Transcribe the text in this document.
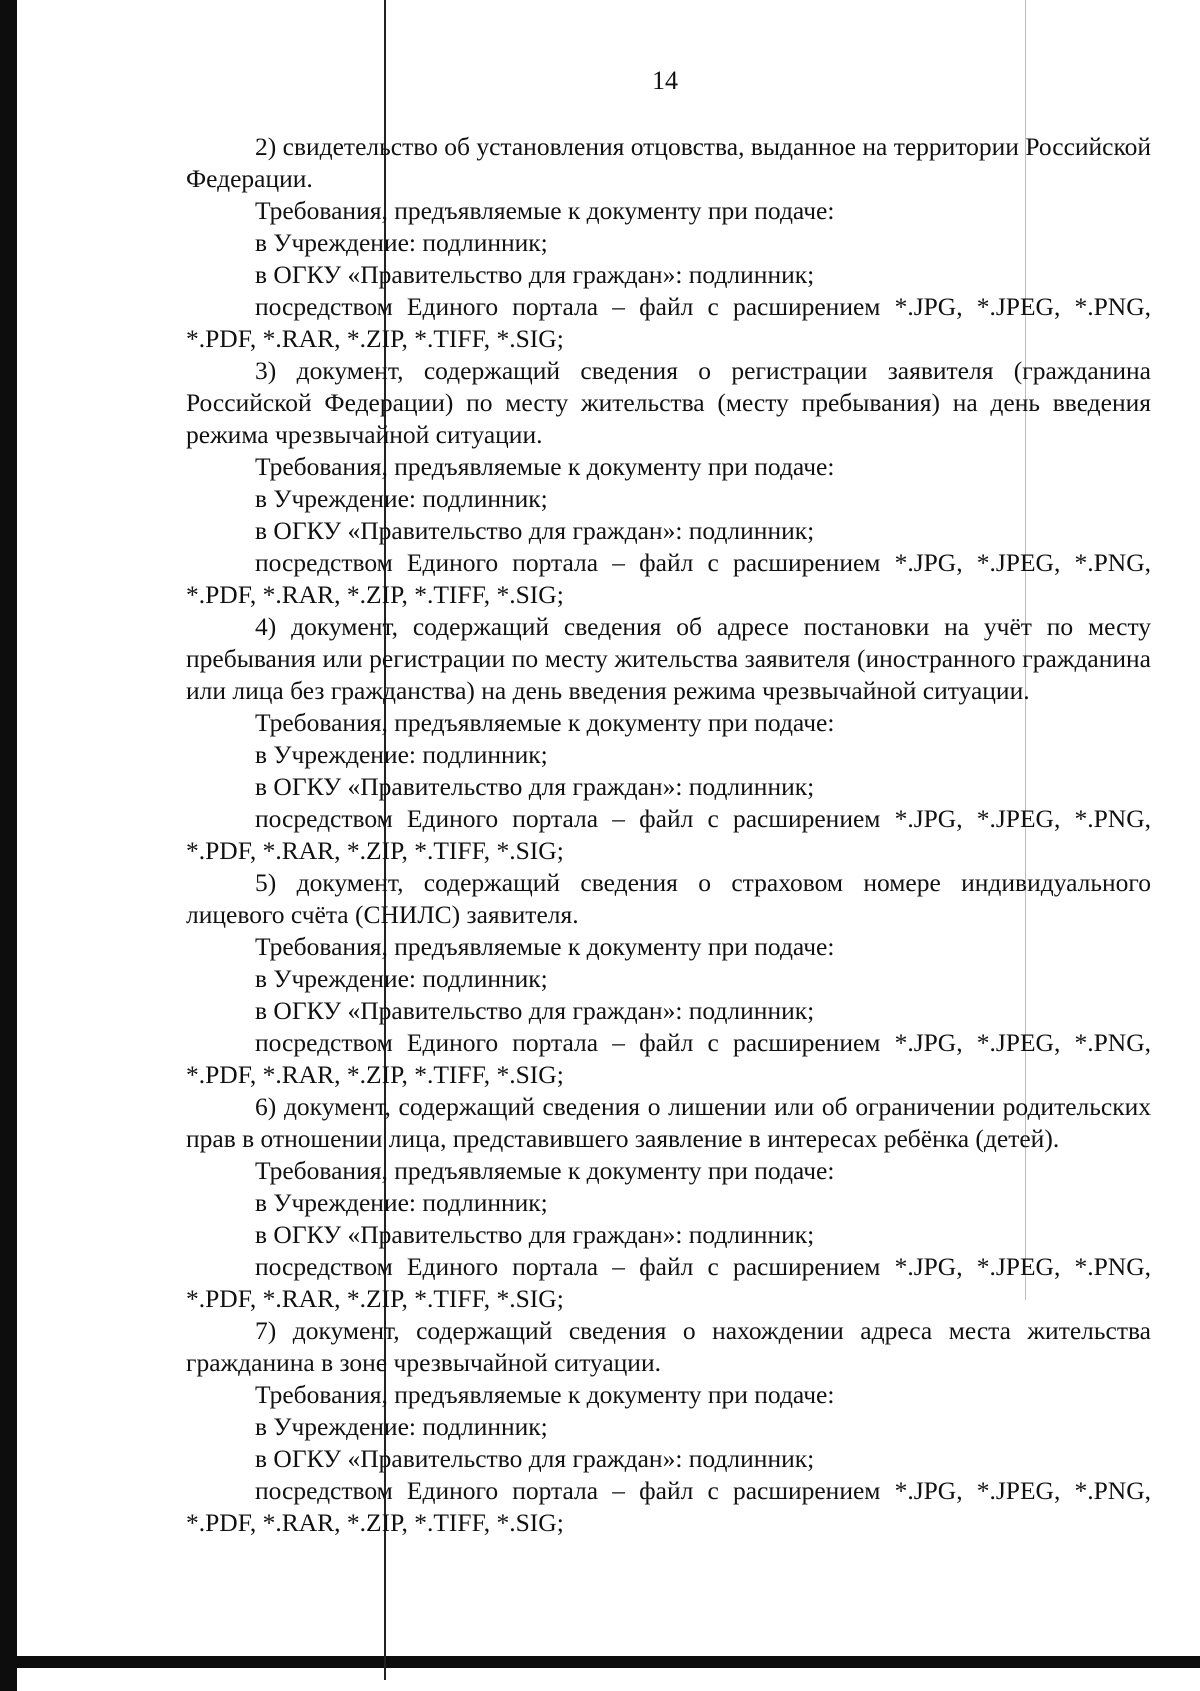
14

2) свидетельство об установления отцовства, выданное на территории Российской Федерации.

Требования, предъявляемые к документу при подаче:

в Учреждение: подлинник;

в ОГКУ «Правительство для граждан»: подлинник;

посредством Единого портала – файл с расширением *.JPG, *.JPEG, *.PNG, *.PDF, *.RAR, *.ZIP, *.TIFF, *.SIG;

3) документ, содержащий сведения о регистрации заявителя (гражданина Российской Федерации) по месту жительства (месту пребывания) на день введения режима чрезвычайной ситуации.

Требования, предъявляемые к документу при подаче:

в Учреждение: подлинник;

в ОГКУ «Правительство для граждан»: подлинник;

посредством Единого портала – файл с расширением *.JPG, *.JPEG, *.PNG, *.PDF, *.RAR, *.ZIP, *.TIFF, *.SIG;

4) документ, содержащий сведения об адресе постановки на учёт по месту пребывания или регистрации по месту жительства заявителя (иностранного гражданина или лица без гражданства) на день введения режима чрезвычайной ситуации.

Требования, предъявляемые к документу при подаче:

в Учреждение: подлинник;

в ОГКУ «Правительство для граждан»: подлинник;

посредством Единого портала – файл с расширением *.JPG, *.JPEG, *.PNG, *.PDF, *.RAR, *.ZIP, *.TIFF, *.SIG;

5) документ, содержащий сведения о страховом номере индивидуального лицевого счёта (СНИЛС) заявителя.

Требования, предъявляемые к документу при подаче:

в Учреждение: подлинник;

в ОГКУ «Правительство для граждан»: подлинник;

посредством Единого портала – файл с расширением *.JPG, *.JPEG, *.PNG, *.PDF, *.RAR, *.ZIP, *.TIFF, *.SIG;

6) документ, содержащий сведения о лишении или об ограничении родительских прав в отношении лица, представившего заявление в интересах ребёнка (детей).

Требования, предъявляемые к документу при подаче:

в Учреждение: подлинник;

в ОГКУ «Правительство для граждан»: подлинник;

посредством Единого портала – файл с расширением *.JPG, *.JPEG, *.PNG, *.PDF, *.RAR, *.ZIP, *.TIFF, *.SIG;

7) документ, содержащий сведения о нахождении адреса места жительства гражданина в зоне чрезвычайной ситуации.

Требования, предъявляемые к документу при подаче:

в Учреждение: подлинник;

в ОГКУ «Правительство для граждан»: подлинник;

посредством Единого портала – файл с расширением *.JPG, *.JPEG, *.PNG, *.PDF, *.RAR, *.ZIP, *.TIFF, *.SIG;
